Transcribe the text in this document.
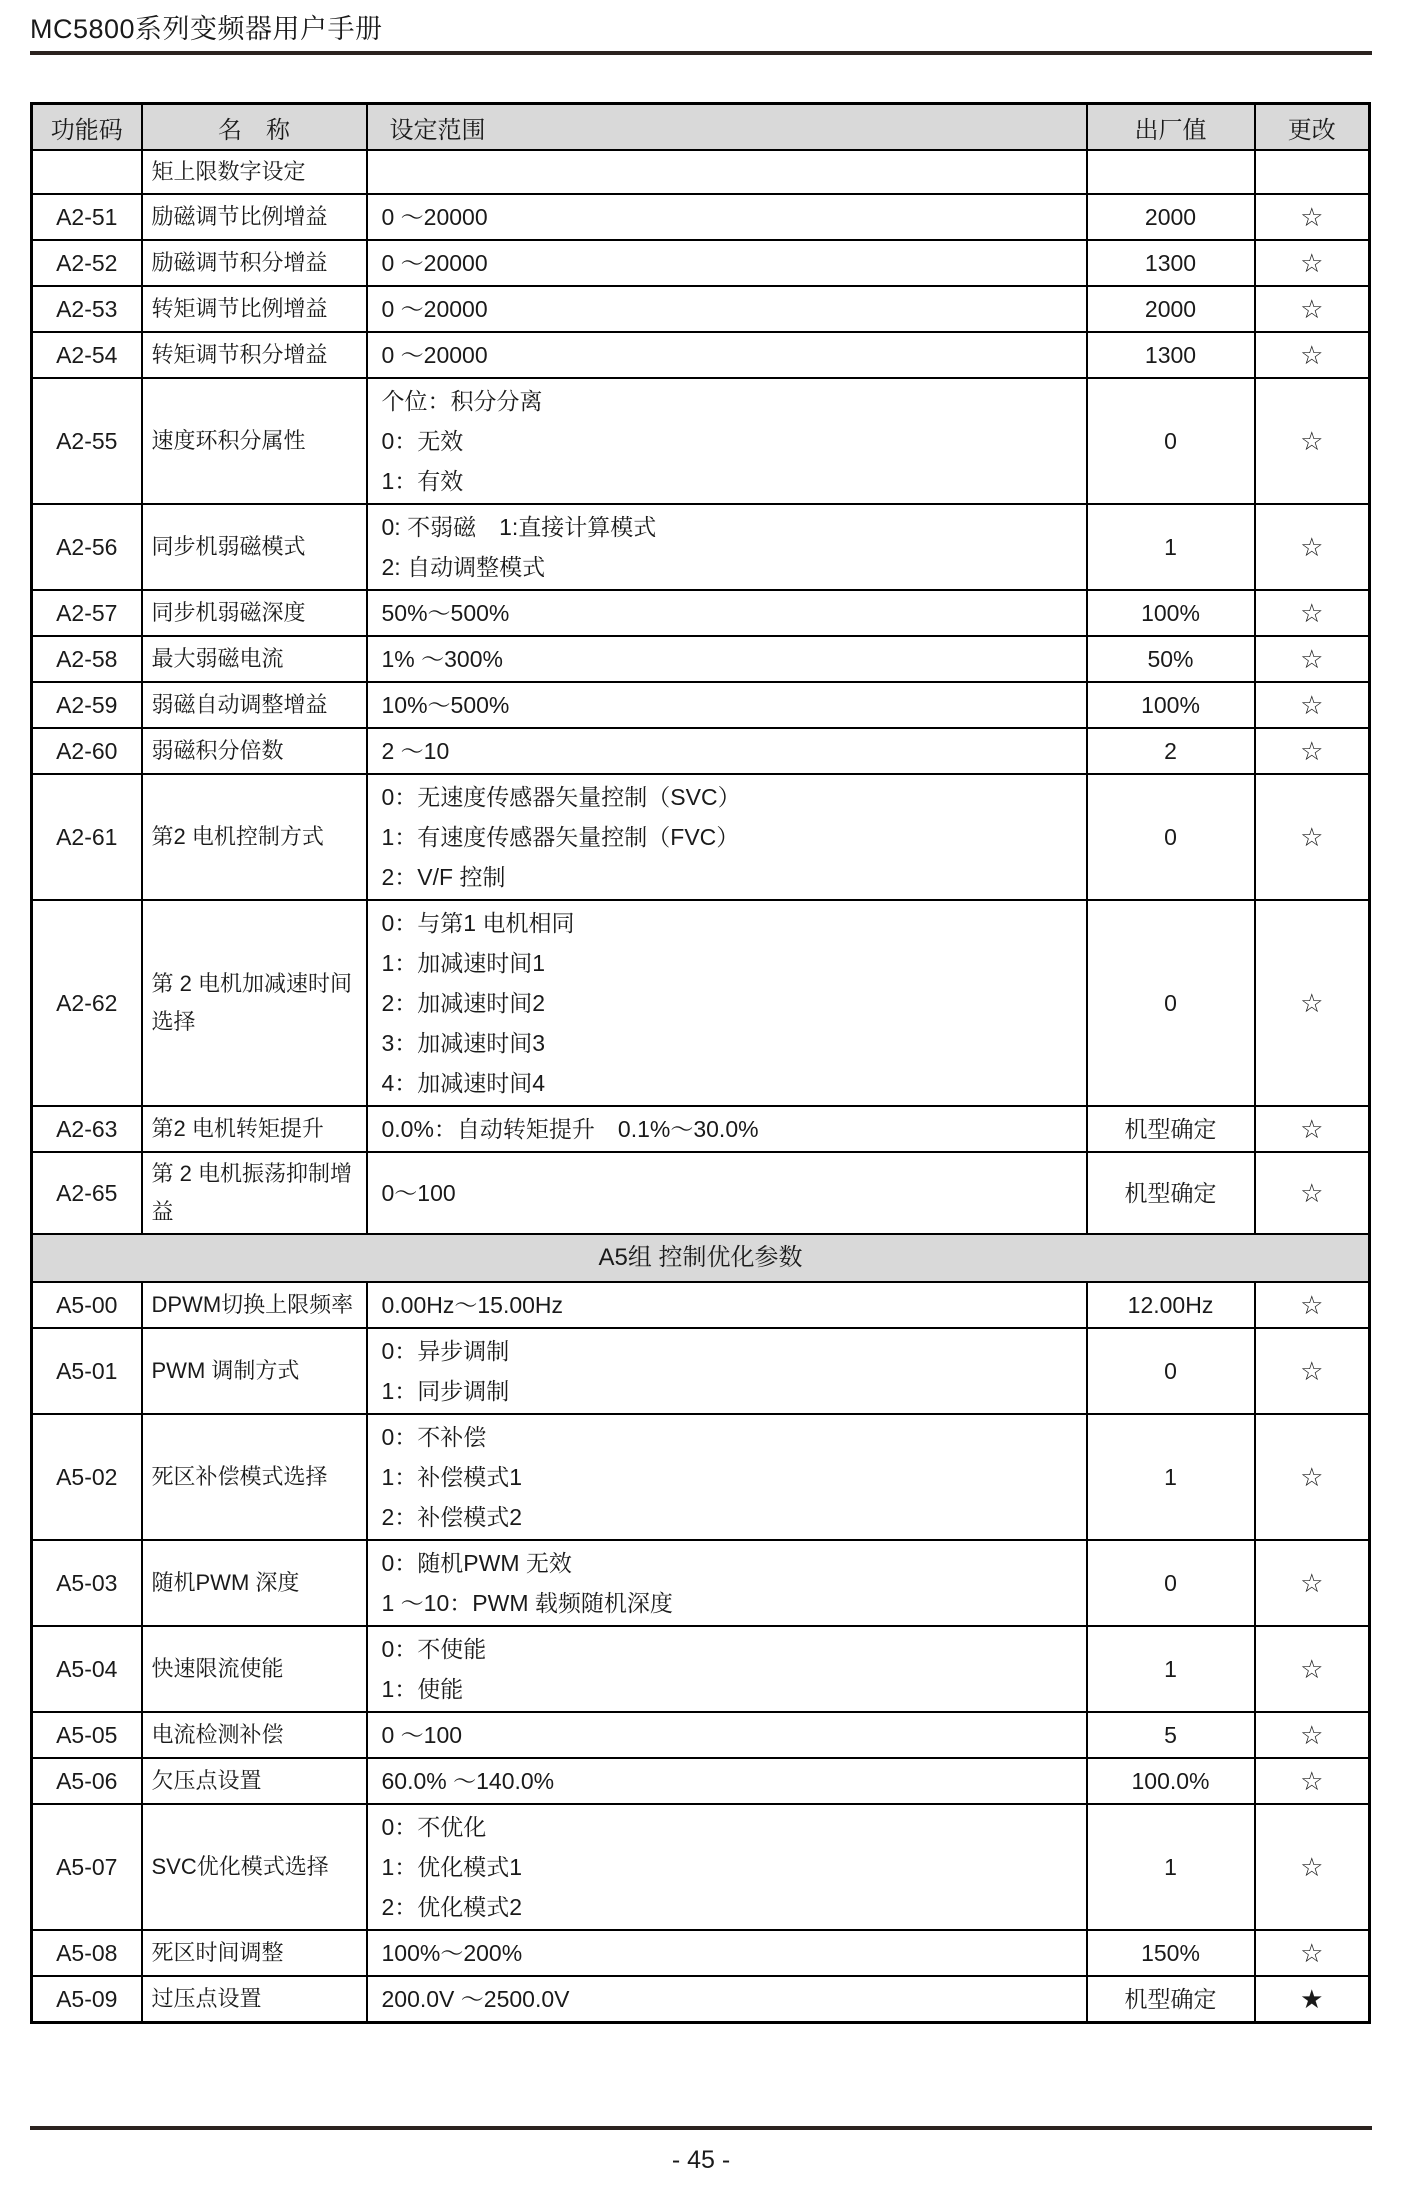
MC5800系列变频器用户手册
功能码	名　称	设定范围	出厂值	更改
	矩上限数字设定	

A2-51	励磁调节比例增益	0 ～20000	2000	☆
A2-52	励磁调节积分增益	0 ～20000	1300	☆
A2-53	转矩调节比例增益	0 ～20000	2000	☆
A2-54	转矩调节积分增益	0 ～20000	1300	☆
A2-55	速度环积分属性	个位：积分分离
0：无效
1：有效	0	☆
A2-56	同步机弱磁模式	0: 不弱磁　1:直接计算模式
2: 自动调整模式	1	☆
A2-57	同步机弱磁深度	50%～500%	100%	☆
A2-58	最大弱磁电流	1% ～300%	50%	☆
A2-59	弱磁自动调整增益	10%～500%	100%	☆
A2-60	弱磁积分倍数	2 ～10	2	☆
A2-61	第2 电机控制方式	0：无速度传感器矢量控制（SVC）
1：有速度传感器矢量控制（FVC）
2：V/F 控制	0	☆
A2-62	第 2 电机加减速时间选择	0：与第1 电机相同
1：加减速时间1
2：加减速时间2
3：加减速时间3
4：加减速时间4	0	☆
A2-63	第2 电机转矩提升	0.0%：自动转矩提升　0.1%～30.0%	机型确定	☆
A2-65	第 2 电机振荡抑制增益	0～100	机型确定	☆
A5组 控制优化参数				
A5-00	DPWM切换上限频率	0.00Hz～15.00Hz	12.00Hz	☆
A5-01	PWM 调制方式	0：异步调制
1：同步调制	0	☆
A5-02	死区补偿模式选择	0：不补偿
1：补偿模式1
2：补偿模式2	1	☆
A5-03	随机PWM 深度	0：随机PWM 无效
1 ～10：PWM 载频随机深度	0	☆
A5-04	快速限流使能	0：不使能
1：使能	1	☆
A5-05	电流检测补偿	0 ～100	5	☆
A5-06	欠压点设置	60.0% ～140.0%	100.0%	☆
A5-07	SVC优化模式选择	0：不优化
1：优化模式1
2：优化模式2	1	☆
A5-08	死区时间调整	100%～200%	150%	☆
A5-09	过压点设置	200.0V ～2500.0V	机型确定	★
- 45 -
